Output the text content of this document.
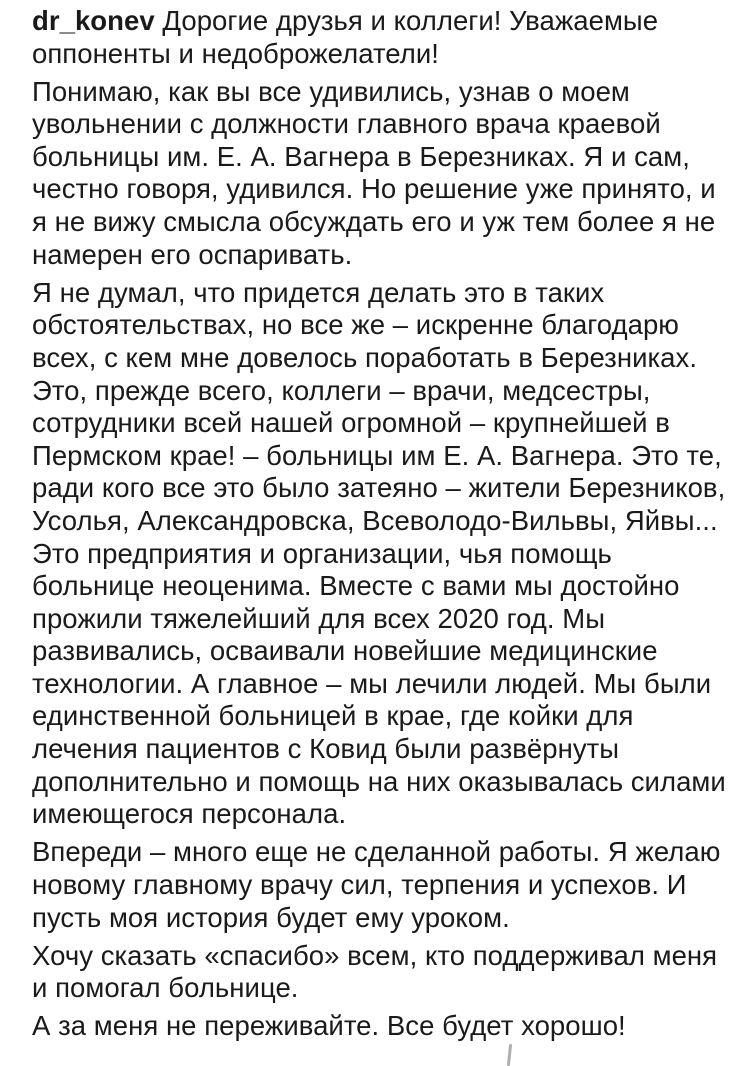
dr_konev Дорогие друзья и коллеги! Уважаемые оппоненты и недоброжелатели!

Понимаю, как вы все удивились, узнав о моем увольнении с должности главного врача краевой больницы им. Е. А. Вагнера в Березниках. Я и сам, честно говоря, удивился. Но решение уже принято, и я не вижу смысла обсуждать его и уж тем более я не намерен его оспаривать.

Я не думал, что придется делать это в таких обстоятельствах, но все же – искренне благодарю всех, с кем мне довелось поработать в Березниках. Это, прежде всего, коллеги – врачи, медсестры, сотрудники всей нашей огромной – крупнейшей в Пермском крае! – больницы им Е. А. Вагнера. Это те, ради кого все это было затеяно – жители Березников, Усолья, Александровска, Всеволодо-Вильвы, Яйвы... Это предприятия и организации, чья помощь больнице неоценима. Вместе с вами мы достойно прожили тяжелейший для всех 2020 год. Мы развивались, осваивали новейшие медицинские технологии. А главное – мы лечили людей. Мы были единственной больницей в крае, где койки для лечения пациентов с Ковид были развёрнуты дополнительно и помощь на них оказывалась силами имеющегося персонала.

Впереди – много еще не сделанной работы. Я желаю новому главному врачу сил, терпения и успехов. И пусть моя история будет ему уроком.

Хочу сказать «спасибо» всем, кто поддерживал меня и помогал больнице.

А за меня не переживайте. Все будет хорошо!
